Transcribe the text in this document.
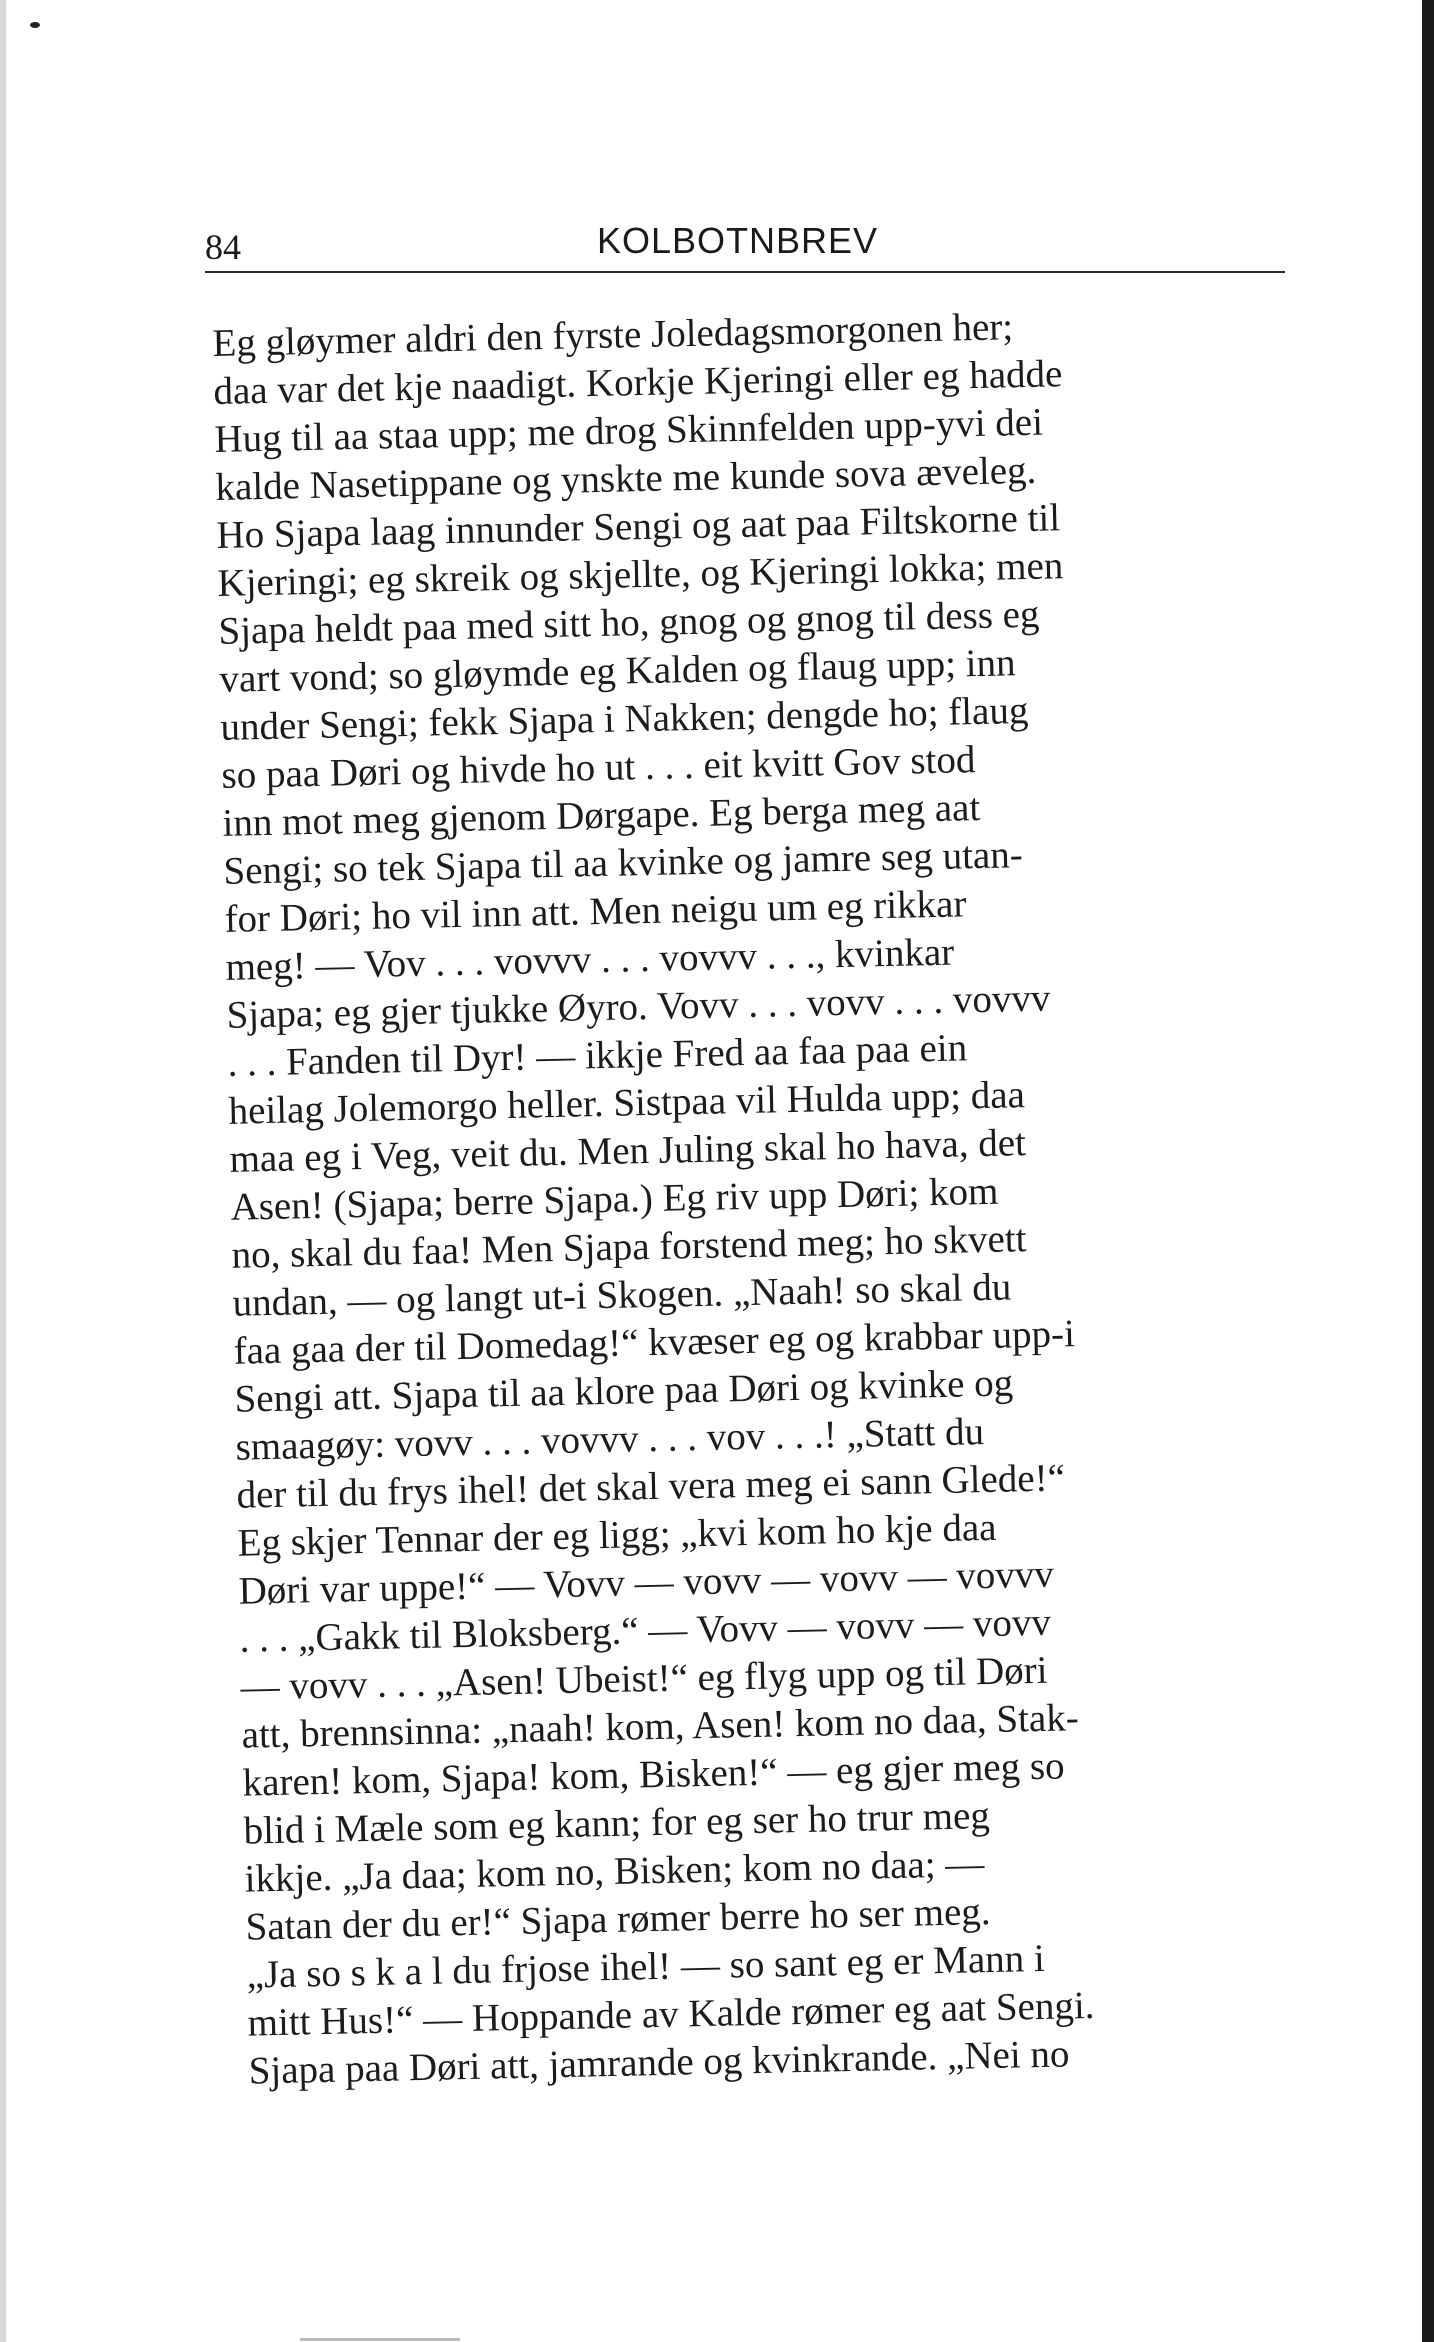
84	KOLBOTNBREV
Eg gløymer aldri den fyrste Joledagsmorgonen her;
daa var det kje naadigt. Korkje Kjeringi eller eg hadde
Hug til aa staa upp; me drog Skinnfelden upp-yvi dei
kalde Nasetippane og ynskte me kunde sova æveleg.
Ho Sjapa laag innunder Sengi og aat paa Filtskorne til
Kjeringi; eg skreik og skjellte, og Kjeringi lokka; men
Sjapa heldt paa med sitt ho, gnog og gnog til dess eg
vart vond; so gløymde eg Kalden og flaug upp; inn
under Sengi; fekk Sjapa i Nakken; dengde ho; flaug
so paa Døri og hivde ho ut . . . eit kvitt Gov stod
inn mot meg gjenom Dørgape. Eg berga meg aat
Sengi; so tek Sjapa til aa kvinke og jamre seg utan-
for Døri; ho vil inn att. Men neigu um eg rikkar
meg! — Vov . . . vovvv . . . vovvv . . ., kvinkar
Sjapa; eg gjer tjukke Øyro. Vovv . . . vovv . . . vovvv
. . . Fanden til Dyr! — ikkje Fred aa faa paa ein
heilag Jolemorgo heller. Sistpaa vil Hulda upp; daa
maa eg i Veg, veit du. Men Juling skal ho hava, det
Asen! (Sjapa; berre Sjapa.) Eg riv upp Døri; kom
no, skal du faa! Men Sjapa forstend meg; ho skvett
undan, — og langt ut-i Skogen. „Naah! so skal du
faa gaa der til Domedag!“ kvæser eg og krabbar upp-i
Sengi att. Sjapa til aa klore paa Døri og kvinke og
smaagøy: vovv . . . vovvv . . . vov . . .! „Statt du
der til du frys ihel! det skal vera meg ei sann Glede!“
Eg skjer Tennar der eg ligg; „kvi kom ho kje daa
Døri var uppe!“ — Vovv — vovv — vovv — vovvv
. . . „Gakk til Bloksberg.“ — Vovv — vovv — vovv
— vovv . . . „Asen! Ubeist!“ eg flyg upp og til Døri
att, brennsinna: „naah! kom, Asen! kom no daa, Stak-
karen! kom, Sjapa! kom, Bisken!“ — eg gjer meg so
blid i Mæle som eg kann; for eg ser ho trur meg
ikkje. „Ja daa; kom no, Bisken; kom no daa; —
Satan der du er!“ Sjapa rømer berre ho ser meg.
„Ja so s k a l du frjose ihel! — so sant eg er Mann i
mitt Hus!“ — Hoppande av Kalde rømer eg aat Sengi.
Sjapa paa Døri att, jamrande og kvinkrande. „Nei no
